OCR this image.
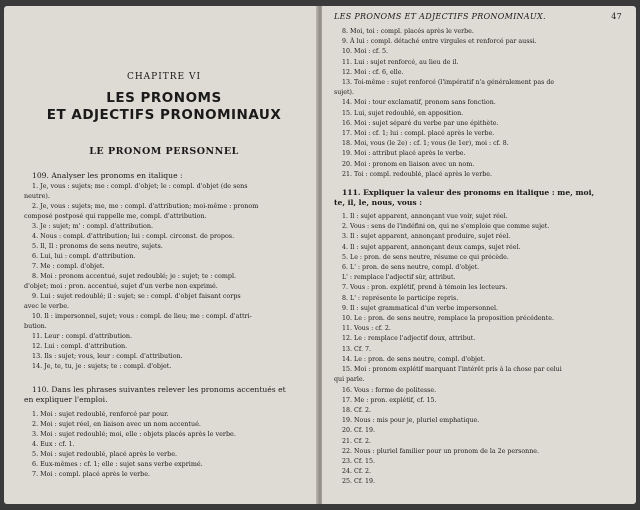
CHAPITRE VI
LES PRONOMS
ET ADJECTIFS PRONOMINAUX
LE PRONOM PERSONNEL
109. Analyser les pronoms en italique :
1. Je, vous : sujets; me : compl. d'objet; le : compl. d'objet (de sens
neutre).
2. Je, vous : sujets; me, me : compl. d'attribution; moi-même : pronom
composé postposé qui rappelle me, compl. d'attribution.
3. Je : sujet; m' : compl. d'attribution.
4. Nous : compl. d'attribution; lui : compl. circonst. de propos.
5. Il, Il : pronoms de sens neutre, sujets.
6. Lui, lui : compl. d'attribution.
7. Me : compl. d'objet.
8. Moi : pronom accentué, sujet redoublé; je : sujet; te : compl.
d'objet; moi : pron. accentué, sujet d'un verbe non exprimé.
9. Lui : sujet redoublé; il : sujet; se : compl. d'objet faisant corps
avec le verbe.
10. Il : impersonnel, sujet; vous : compl. de lieu; me : compl. d'attri-
bution.
11. Leur : compl. d'attribution.
12. Lui : compl. d'attribution.
13. Ils : sujet; vous, leur : compl. d'attribution.
14. Je, te, tu, je : sujets; te : compl. d'objet.
110. Dans les phrases suivantes relever les pronoms accentués et
en expliquer l'emploi.
1. Moi : sujet redoublé, renforcé par pour.
2. Moi : sujet réel, en liaison avec un nom accentué.
3. Moi : sujet redoublé; moi, elle : objets placés après le verbe.
4. Eux : cf. 1.
5. Moi : sujet redoublé, placé après le verbe.
6. Eux-mêmes : cf. 1; elle : sujet sans verbe exprimé.
7. Moi : compl. placé après le verbe.
LES PRONOMS ET ADJECTIFS PRONOMINAUX.	47
8. Moi, toi : compl. placés après le verbe.
9. À lui : compl. détaché entre virgules et renforcé par aussi.
10. Moi : cf. 5.
11. Lui : sujet renforcé, au lieu de il.
12. Moi : cf. 6, elle.
13. Toi-même : sujet renforcé (l'impératif n'a généralement pas de
sujet).
14. Moi : tour exclamatif, pronom sans fonction.
15. Lui, sujet redoublé, en apposition.
16. Moi : sujet séparé du verbe par une épithète.
17. Moi : cf. 1; lui : compl. placé après le verbe.
18. Moi, vous (le 2e) : cf. 1; vous (le 1er), moi : cf. 8.
19. Moi : attribut placé après le verbe.
20. Moi : pronom en liaison avec un nom.
21. Toi : compl. redoublé, placé après le verbe.
111. Expliquer la valeur des pronoms en italique : me, moi,
te, il, le, nous, vous :
1. Il : sujet apparent, annonçant vue voir, sujet réel.
2. Vous : sens de l'indéfini on, qui ne s'emploie que comme sujet.
3. Il : sujet apparent, annonçant produire, sujet réel.
4. Il : sujet apparent, annonçant deux camps, sujet réel.
5. Le : pron. de sens neutre, résume ce qui précède.
6. L' : pron. de sens neutre, compl. d'objet.
L' : remplace l'adjectif sûr, attribut.
7. Vous : pron. explétif, prend à témoin les lecteurs.
8. L' : représente le participe repris.
9. Il : sujet grammatical d'un verbe impersonnel.
10. Le : pron. de sens neutre, remplace la proposition précédente.
11. Vous : cf. 2.
12. Le : remplace l'adjectif doux, attribut.
13. Cf. 7.
14. Le : pron. de sens neutre, compl. d'objet.
15. Moi : pronom explétif marquant l'intérêt pris à la chose par celui
qui parle.
16. Vous : forme de politesse.
17. Me : pron. explétif, cf. 15.
18. Cf. 2.
19. Nous : mis pour je, pluriel emphatique.
20. Cf. 19.
21. Cf. 2.
22. Nous : pluriel familier pour un pronom de la 2e personne.
23. Cf. 15.
24. Cf. 2.
25. Cf. 19.
